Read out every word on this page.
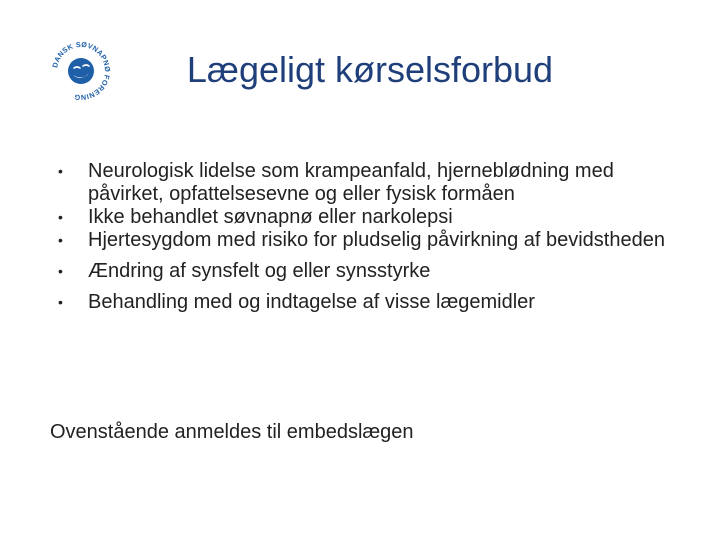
DANSK SØVNAPNØ FORENING
Lægeligt kørselsforbud
• Neurologisk lidelse som krampeanfald, hjerneblødning med påvirket, opfattelsesevne og eller fysisk formåen
• Ikke behandlet søvnapnø eller narkolepsi
• Hjertesygdom med risiko for pludselig påvirkning af bevidstheden
• Ændring af synsfelt og eller synsstyrke
• Behandling med og indtagelse af visse lægemidler
Ovenstående anmeldes til embedslægen
